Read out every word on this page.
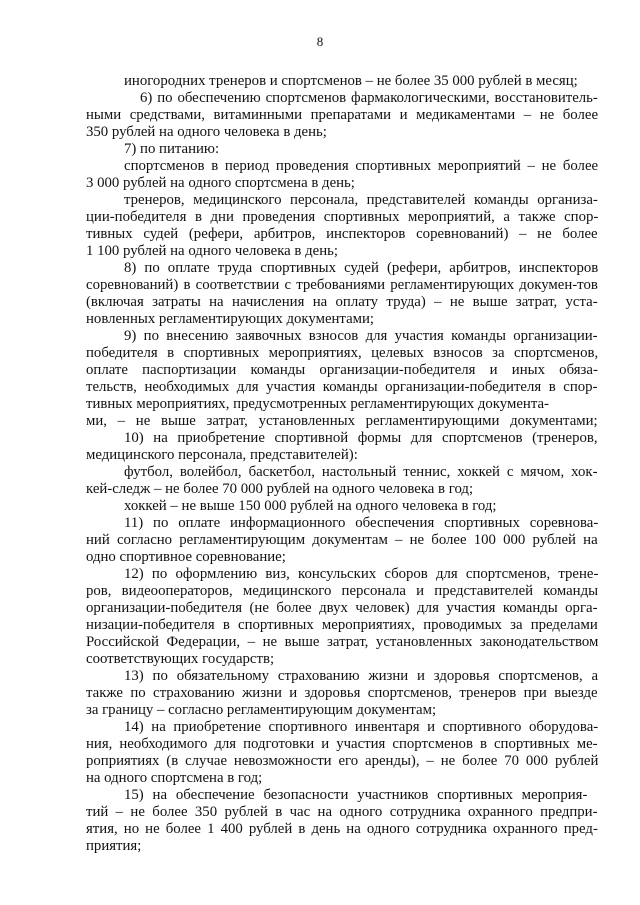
8
иногородних тренеров и спортсменов – не более 35 000 рублей в месяц;
6) по обеспечению спортсменов фармакологическими, восстановитель-
ными средствами, витаминными препаратами и медикаментами – не более
350 рублей на одного человека в день;
7) по питанию:
спортсменов в период проведения спортивных мероприятий – не более
3 000 рублей на одного спортсмена в день;
тренеров, медицинского персонала, представителей команды организа-
ции-победителя в дни проведения спортивных мероприятий, а также спор-
тивных судей (рефери, арбитров, инспекторов соревнований) – не более
1 100 рублей на одного человека в день;
8) по оплате труда спортивных судей (рефери, арбитров, инспекторов
соревнований) в соответствии с требованиями регламентирующих докумен-тов
(включая затраты на начисления на оплату труда) – не выше затрат, уста-
новленных регламентирующих документами;
9) по внесению заявочных взносов для участия команды организации-
победителя в спортивных мероприятиях, целевых взносов за спортсменов,
оплате паспортизации команды организации-победителя и иных обяза-
тельств, необходимых для участия команды организации-победителя в спор-
тивных мероприятиях, предусмотренных регламентирующих документа-
ми, – не выше затрат, установленных регламентирующими документами;
10) на приобретение спортивной формы для спортсменов (тренеров,
медицинского персонала, представителей):
футбол, волейбол, баскетбол, настольный теннис, хоккей с мячом, хок-
кей-следж – не более 70 000 рублей на одного человека в год;
хоккей – не выше 150 000 рублей на одного человека в год;
11) по оплате информационного обеспечения спортивных соревнова-
ний согласно регламентирующим документам – не более 100 000 рублей на
одно спортивное соревнование;
12) по оформлению виз, консульских сборов для спортсменов, трене-
ров, видеооператоров, медицинского персонала и представителей команды
организации-победителя (не более двух человек) для участия команды орга-
низации-победителя в спортивных мероприятиях, проводимых за пределами
Российской Федерации, – не выше затрат, установленных законодательством
соответствующих государств;
13) по обязательному страхованию жизни и здоровья спортсменов, а
также по страхованию жизни и здоровья спортсменов, тренеров при выезде
за границу – согласно регламентирующим документам;
14) на приобретение спортивного инвентаря и спортивного оборудова-
ния, необходимого для подготовки и участия спортсменов в спортивных ме-
роприятиях (в случае невозможности его аренды), – не более 70 000 рублей
на одного спортсмена в год;
15) на обеспечение безопасности участников спортивных мероприя-
тий – не более 350 рублей в час на одного сотрудника охранного предпри-
ятия, но не более 1 400 рублей в день на одного сотрудника охранного пред-
приятия;
